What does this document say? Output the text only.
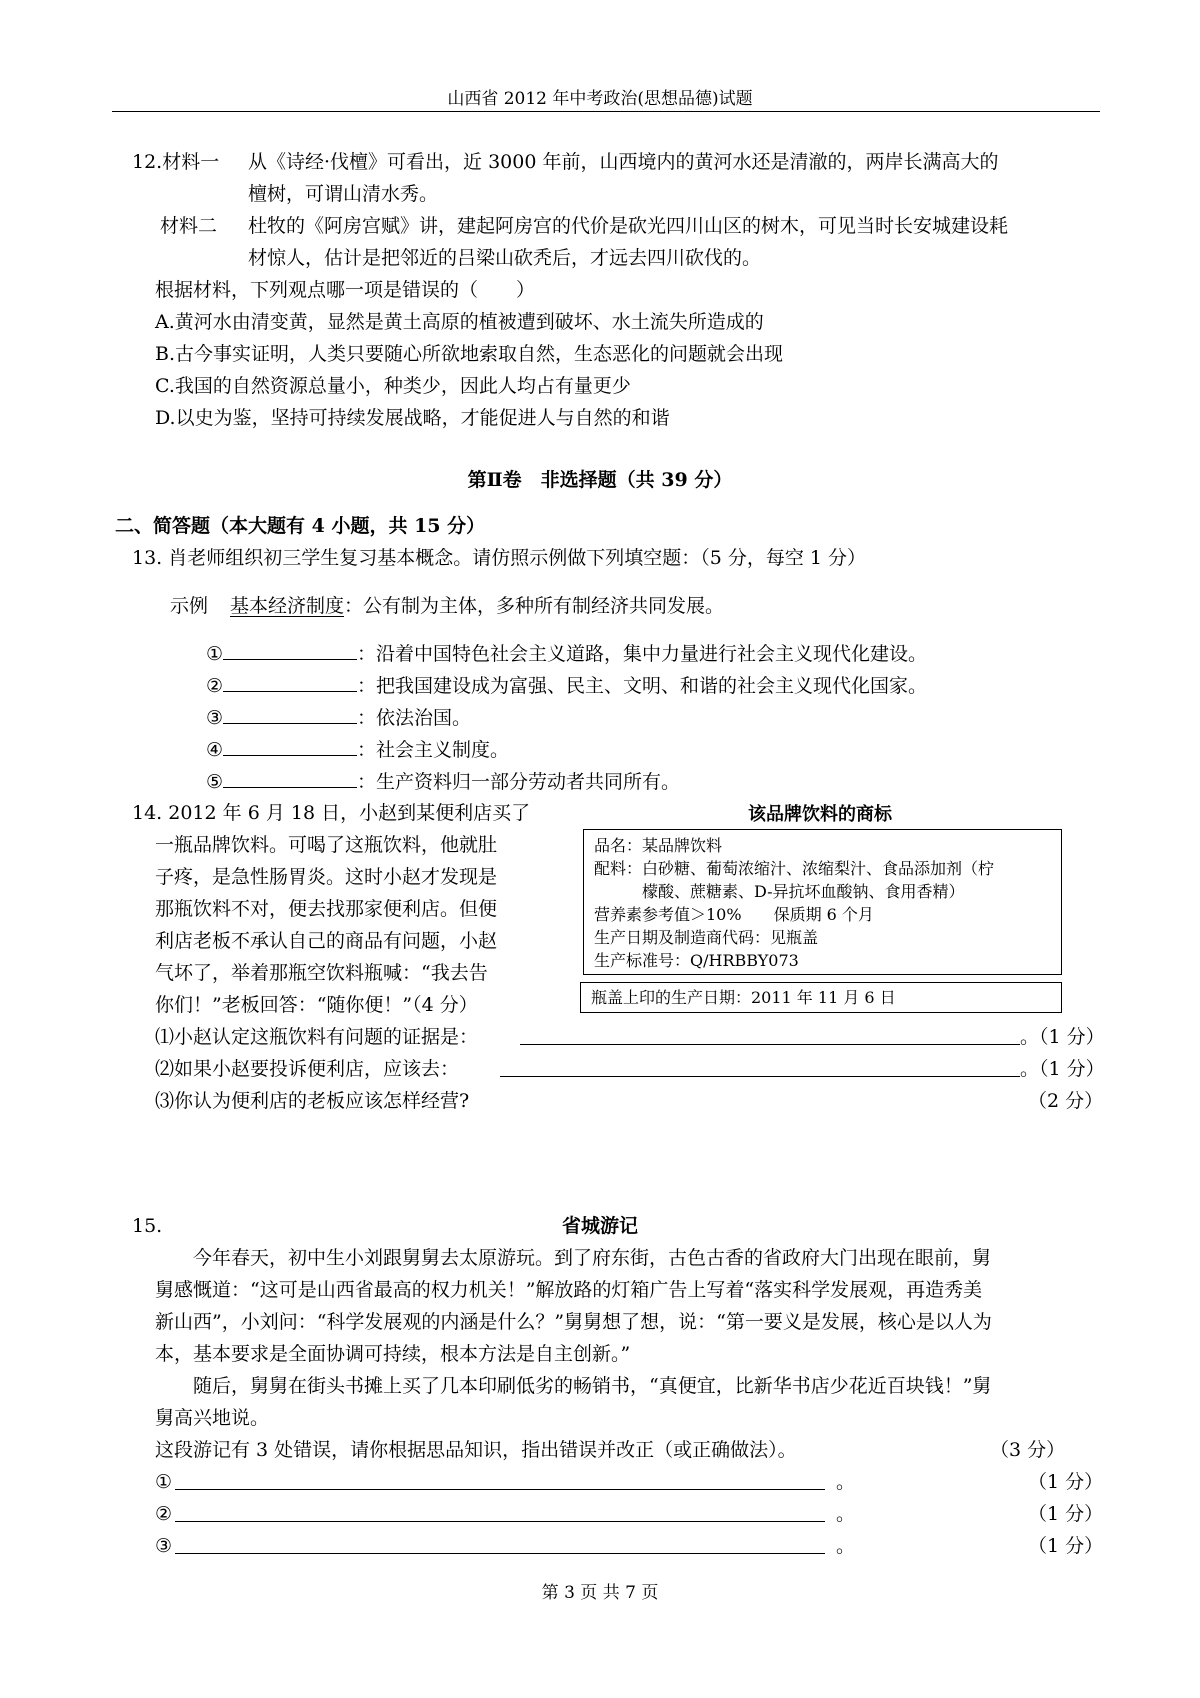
山西省 2012 年中考政治(思想品德)试题
12.材料一 从《诗经·伐檀》可看出，近 3000 年前，山西境内的黄河水还是清澈的，两岸长满高大的
檀树，可谓山清水秀。
材料二 杜牧的《阿房宫赋》讲，建起阿房宫的代价是砍光四川山区的树木，可见当时长安城建设耗
材惊人，估计是把邻近的吕梁山砍秃后，才远去四川砍伐的。
根据材料，下列观点哪一项是错误的（　　）
A.黄河水由清变黄，显然是黄土高原的植被遭到破坏、水土流失所造成的
B.古今事实证明，人类只要随心所欲地索取自然，生态恶化的问题就会出现
C.我国的自然资源总量小，种类少，因此人均占有量更少
D.以史为鉴，坚持可持续发展战略，才能促进人与自然的和谐
第Ⅱ卷　非选择题（共 39 分）
二、简答题（本大题有 4 小题，共 15 分）
13. 肖老师组织初三学生复习基本概念。请仿照示例做下列填空题：（5 分，每空 1 分）
示例 基本经济制度：公有制为主体，多种所有制经济共同发展。
①	：沿着中国特色社会主义道路，集中力量进行社会主义现代化建设。
②	：把我国建设成为富强、民主、文明、和谐的社会主义现代化国家。
③	：依法治国。
④	：社会主义制度。
⑤	：生产资料归一部分劳动者共同所有。
14. 2012 年 6 月 18 日，小赵到某便利店买了
一瓶品牌饮料。可喝了这瓶饮料，他就肚
子疼，是急性肠胃炎。这时小赵才发现是
那瓶饮料不对，便去找那家便利店。但便
利店老板不承认自己的商品有问题，小赵
气坏了，举着那瓶空饮料瓶喊：“我去告
你们！”老板回答：“随你便！”（4 分）
该品牌饮料的商标
品名：某品牌饮料
配料：白砂糖、葡萄浓缩汁、浓缩梨汁、食品添加剂（柠
　　　檬酸、蔗糖素、D-异抗坏血酸钠、食用香精）
营养素参考值＞10%　　保质期 6 个月
生产日期及制造商代码：见瓶盖
生产标准号：Q/HRBBY073
瓶盖上印的生产日期：2011 年 11 月 6 日
⑴小赵认定这瓶饮料有问题的证据是：	。（1 分）
⑵如果小赵要投诉便利店，应该去：	。（1 分）
⑶你认为便利店的老板应该怎样经营?	（2 分）
15.	省城游记
　　今年春天，初中生小刘跟舅舅去太原游玩。到了府东街，古色古香的省政府大门出现在眼前，舅
舅感慨道：“这可是山西省最高的权力机关！”解放路的灯箱广告上写着“落实科学发展观，再造秀美
新山西”，小刘问：“科学发展观的内涵是什么？”舅舅想了想，说：“第一要义是发展，核心是以人为
本，基本要求是全面协调可持续，根本方法是自主创新。”
　　随后，舅舅在街头书摊上买了几本印刷低劣的畅销书，“真便宜，比新华书店少花近百块钱！”舅
舅高兴地说。
这段游记有 3 处错误，请你根据思品知识，指出错误并改正（或正确做法）。	（3 分）
①	。	（1 分）
②	。	（1 分）
③	。	（1 分）
第 3 页 共 7 页
